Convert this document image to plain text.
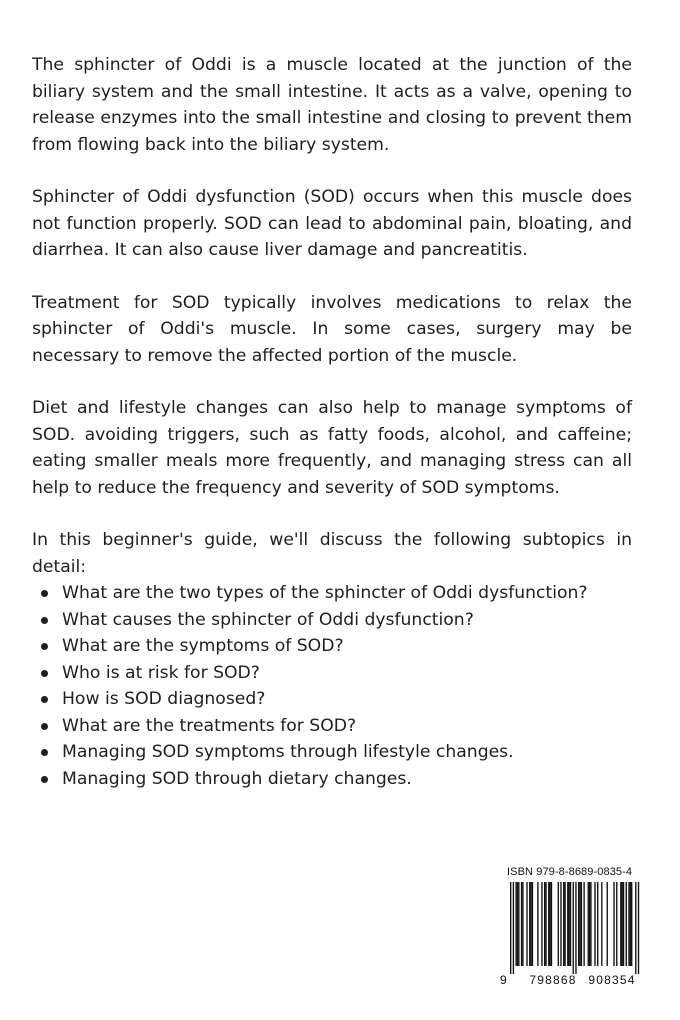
The sphincter of Oddi is a muscle located at the junction of the biliary system and the small intestine. It acts as a valve, opening to release enzymes into the small intestine and closing to prevent them from flowing back into the biliary system.

Sphincter of Oddi dysfunction (SOD) occurs when this muscle does not function properly. SOD can lead to abdominal pain, bloating, and diarrhea. It can also cause liver damage and pancreatitis.

Treatment for SOD typically involves medications to relax the sphincter of Oddi's muscle. In some cases, surgery may be necessary to remove the affected portion of the muscle.

Diet and lifestyle changes can also help to manage symptoms of SOD. avoiding triggers, such as fatty foods, alcohol, and caffeine; eating smaller meals more frequently, and managing stress can all help to reduce the frequency and severity of SOD symptoms.

In this beginner's guide, we'll discuss the following subtopics in detail:

What are the two types of the sphincter of Oddi dysfunction?
What causes the sphincter of Oddi dysfunction?
What are the symptoms of SOD?
Who is at risk for SOD?
How is SOD diagnosed?
What are the treatments for SOD?
Managing SOD symptoms through lifestyle changes.
Managing SOD through dietary changes.
ISBN 979-8-8689-0835-4
9 798868 908354
